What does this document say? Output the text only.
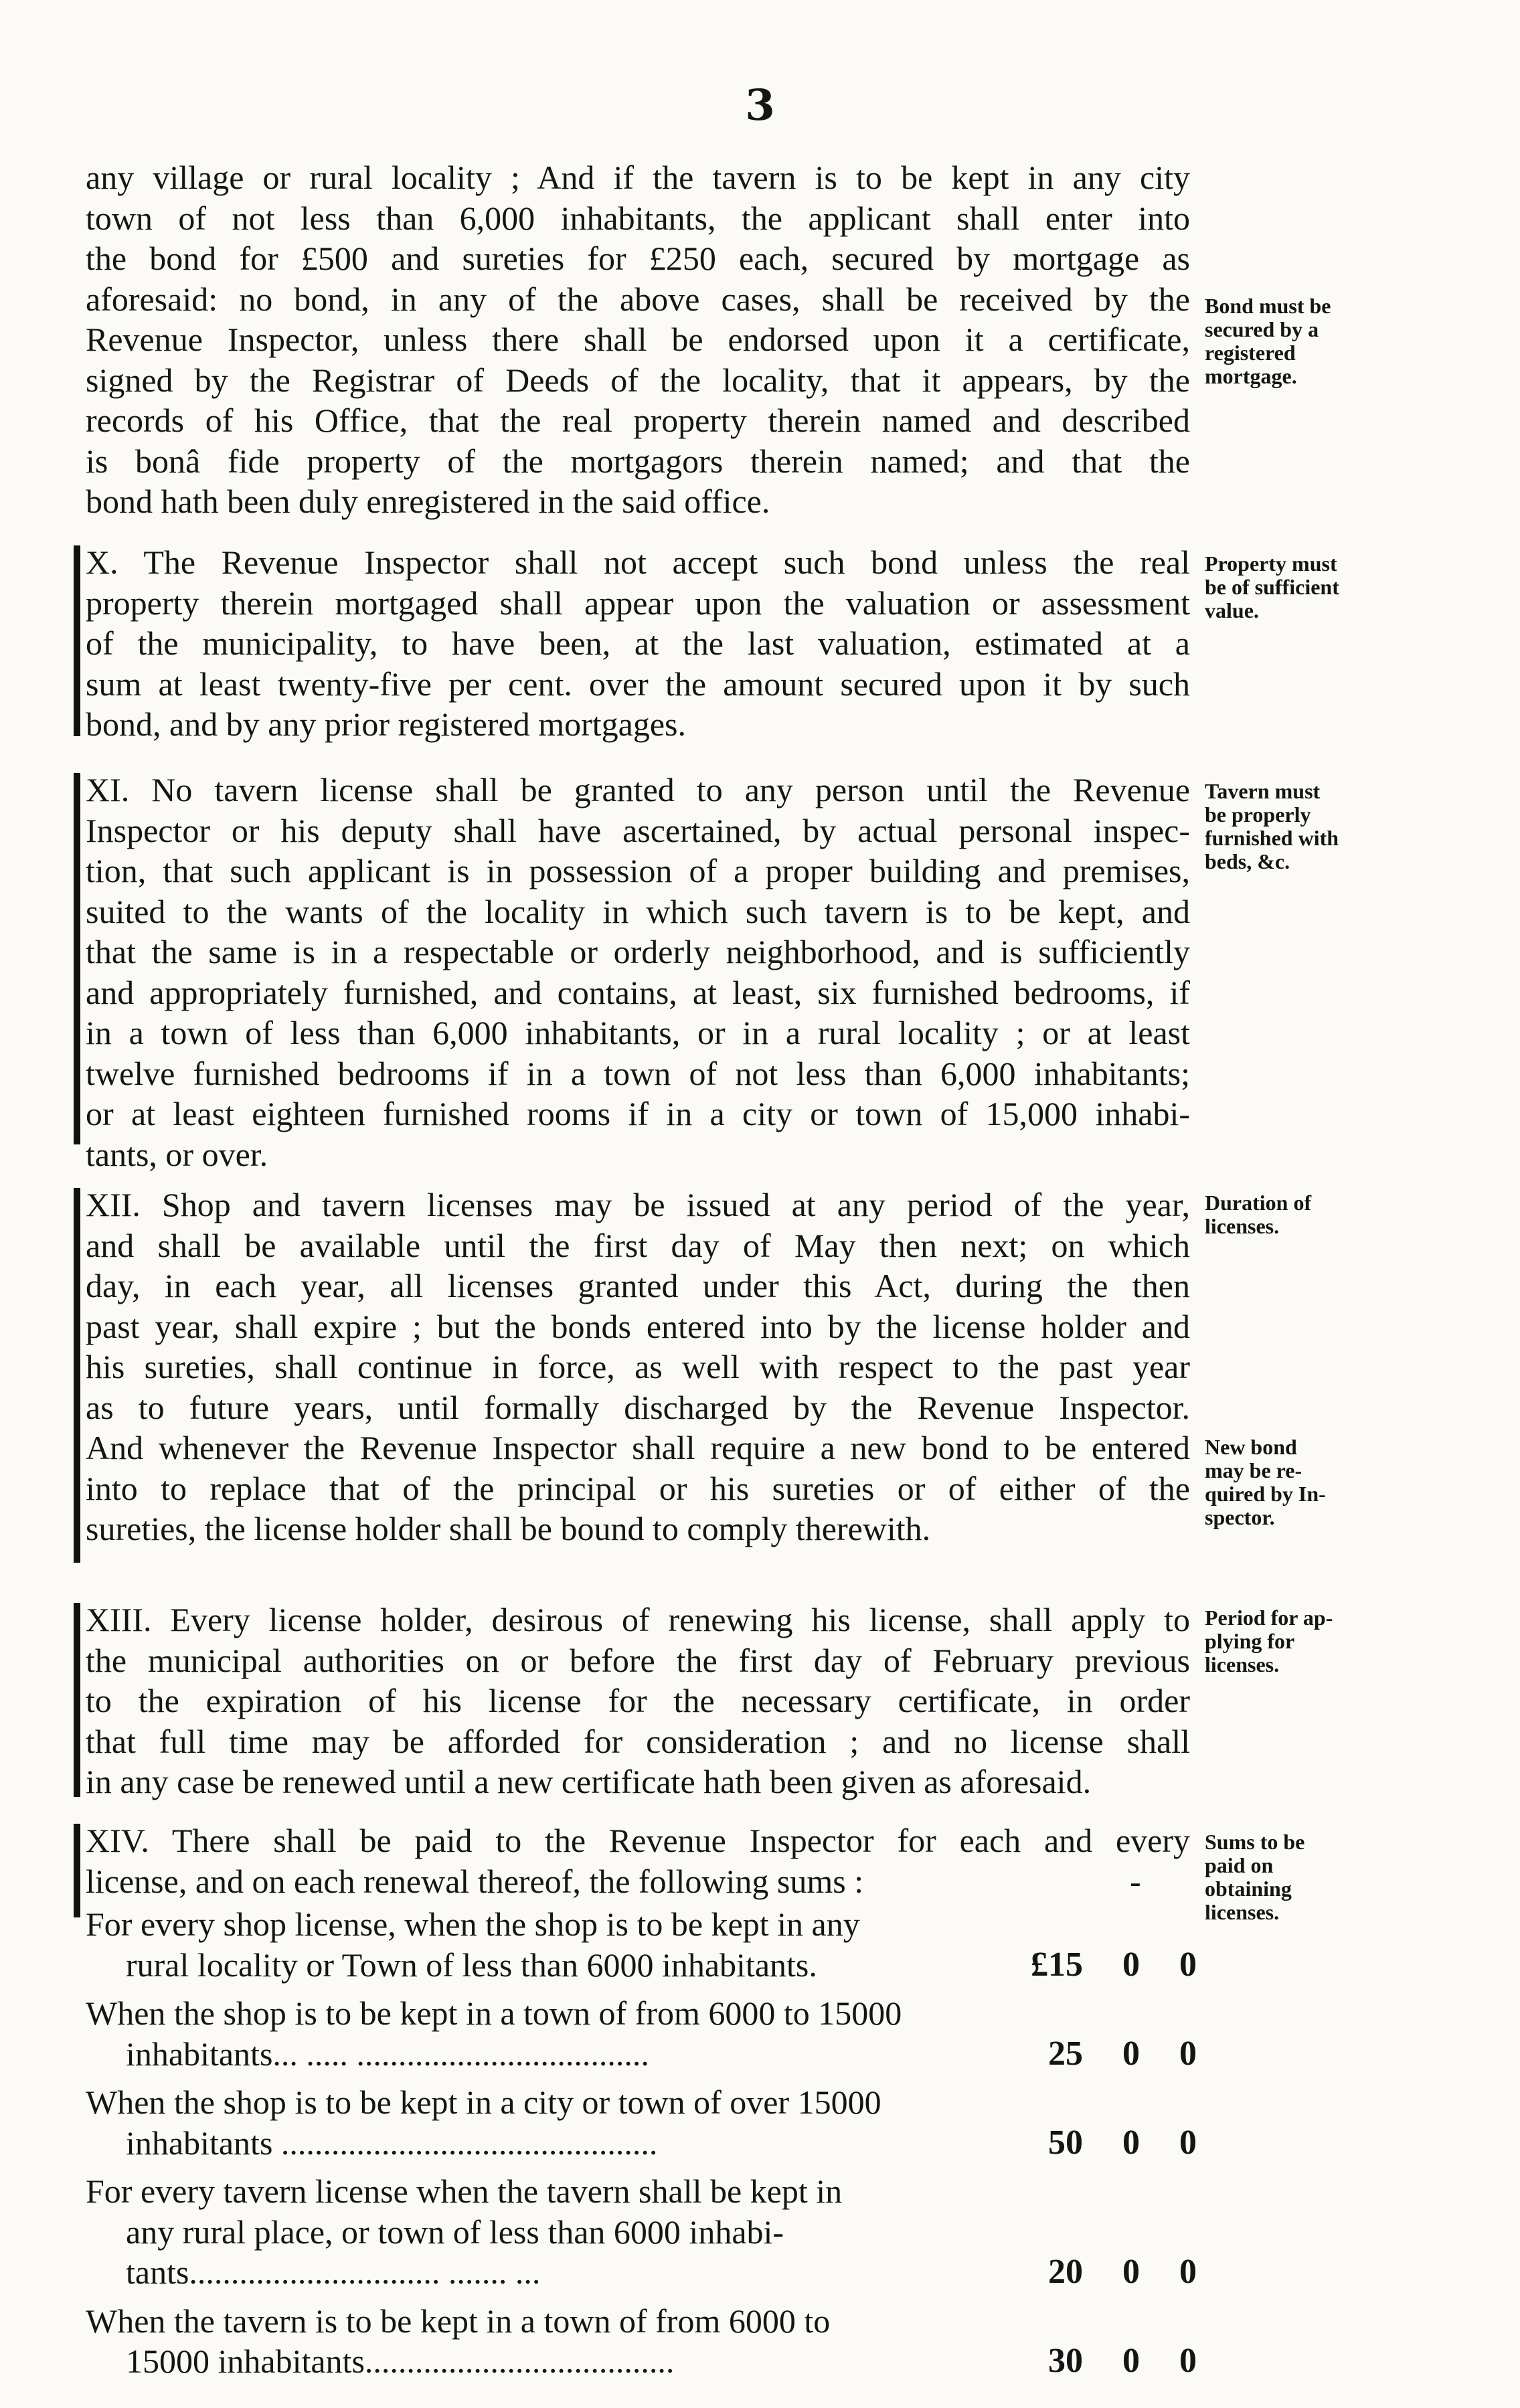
3
any village or rural locality ; And if the tavern is to be kept in any city
town of not less than 6,000 inhabitants, the applicant shall enter into
the bond for £500 and sureties for £250 each, secured by mortgage as
aforesaid: no bond, in any of the above cases, shall be received by the
Revenue Inspector, unless there shall be endorsed upon it a certificate,
signed by the Registrar of Deeds of the locality, that it appears, by the
records of his Office, that the real property therein named and described
is bonâ fide property of the mortgagors therein named; and that the
bond hath been duly enregistered in the said office.
Bond must be
secured by a
registered
mortgage.
X. The Revenue Inspector shall not accept such bond unless the real
property therein mortgaged shall appear upon the valuation or assessment
of the municipality, to have been, at the last valuation, estimated at a
sum at least twenty-five per cent. over the amount secured upon it by such
bond, and by any prior registered mortgages.
Property must
be of sufficient
value.
XI. No tavern license shall be granted to any person until the Revenue
Inspector or his deputy shall have ascertained, by actual personal inspec-
tion, that such applicant is in possession of a proper building and premises,
suited to the wants of the locality in which such tavern is to be kept, and
that the same is in a respectable or orderly neighborhood, and is sufficiently
and appropriately furnished, and contains, at least, six furnished bedrooms, if
in a town of less than 6,000 inhabitants, or in a rural locality ; or at least
twelve furnished bedrooms if in a town of not less than 6,000 inhabitants;
or at least eighteen furnished rooms if in a city or town of 15,000 inhabi-
tants, or over.
Tavern must
be properly
furnished with
beds, &c.
XII. Shop and tavern licenses may be issued at any period of the year,
and shall be available until the first day of May then next; on which
day, in each year, all licenses granted under this Act, during the then
past year, shall expire ; but the bonds entered into by the license holder and
his sureties, shall continue in force, as well with respect to the past year
as to future years, until formally discharged by the Revenue Inspector.
And whenever the Revenue Inspector shall require a new bond to be entered
into to replace that of the principal or his sureties or of either of the
sureties, the license holder shall be bound to comply therewith.
Duration of
licenses.
New bond
may be re-
quired by In-
spector.
XIII. Every license holder, desirous of renewing his license, shall apply to
the municipal authorities on or before the first day of February previous
to the expiration of his license for the necessary certificate, in order
that full time may be afforded for consideration ; and no license shall
in any case be renewed until a new certificate hath been given as aforesaid.
Period for ap-
plying for
licenses.
XIV. There shall be paid to the Revenue Inspector for each and every
license, and on each renewal thereof, the following sums :	-
Sums to be
paid on
obtaining
licenses.
For every shop license, when the shop is to be kept in any
rural locality or Town of less than 6000 inhabitants.	£15	0	0
When the shop is to be kept in a town of from 6000 to 15000
inhabitants... ..... ...................................	25	0	0
When the shop is to be kept in a city or town of over 15000
inhabitants .............................................	50	0	0
For every tavern license when the tavern shall be kept in
any rural place, or town of less than 6000 inhabi-
tants.............................. ....... ...	20	0	0
When the tavern is to be kept in a town of from 6000 to
15000 inhabitants.....................................	30	0	0
